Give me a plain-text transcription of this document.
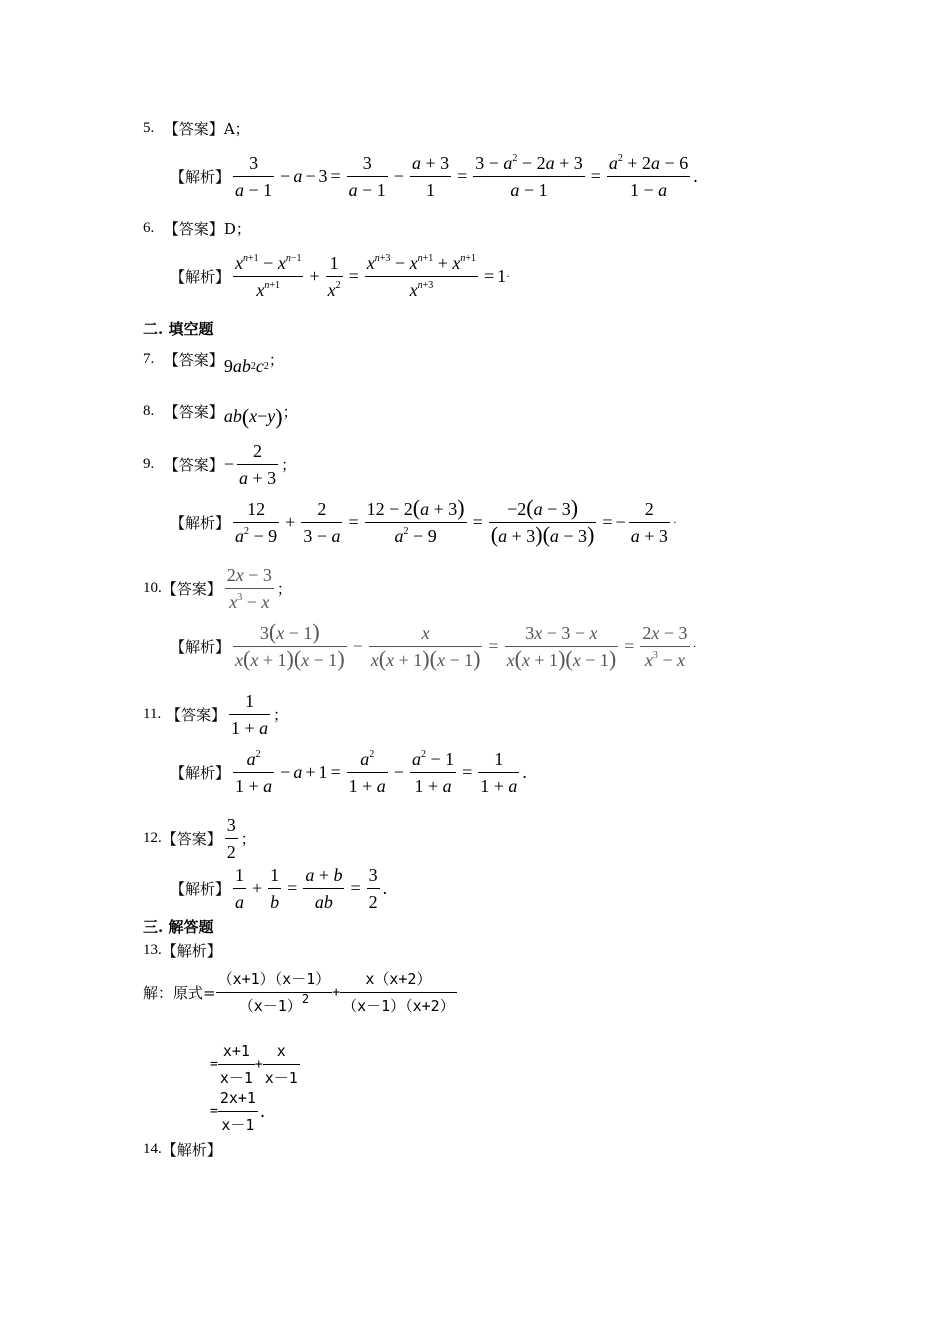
5.
【答案】 A；
【解析】 $\frac{3}{a - 1} - a - 3 = \frac{3}{a - 1} - \frac{a + 3}{1} = \frac{3 - a^2 - 2a + 3}{a - 1} = \frac{a^2 + 2a - 6}{1 - a}$ .
6.
【答案】 D；
【解析】 $\frac{x^{n+1} - x^{n-1}}{x^{n+1}} + \frac{1}{x^2} = \frac{x^{n+3} - x^{n+1} + x^{n+1}}{x^{n+3}} = 1$ ·
二. 填空题
7.
【答案】 9 ab 2 c 2 ；
8.
【答案】 ab ( x − y ) ；
9.
【答案】 − $\frac{2}{a + 3}$ ；
【解析】 $\frac{12}{a^2 - 9} + \frac{2}{3 - a} = \frac{12 - 2(a + 3)}{a^2 - 9} = \frac{-2(a - 3)}{(a + 3)(a - 3)}$ = − $\frac{2}{a + 3}$ ·
10. 【答案】 $\frac{2x - 3}{x^3 - x}$ ；
【解析】 $\frac{3(x - 1)}{x(x + 1)(x - 1)} - \frac{x}{x(x + 1)(x - 1)} = \frac{3x - 3 - x}{x(x + 1)(x - 1)} = \frac{2x - 3}{x^3 - x}$ ·
11.
【答案】 $\frac{1}{1 + a}$ ；
【解析】 $\frac{a^2}{1 + a} - a + 1 = \frac{a^2}{1 + a} - \frac{a^2 - 1}{1 + a} = \frac{1}{1 + a}$ .
12. 【答案】 $\frac{3}{2}$ ；
【解析】 $\frac{1}{a} + \frac{1}{b} = \frac{a + b}{ab} = \frac{3}{2}$ .
三. 解答题
13. 【解析】
解：原式= $\frac{(x+1)(x-1)}{(x-1)^2} + \frac{x(x+2)}{(x-1)(x+2)}$
= $\frac{x+1}{x-1} + \frac{x}{x-1}$
= $\frac{2x+1}{x-1}$ .
14. 【解析】
